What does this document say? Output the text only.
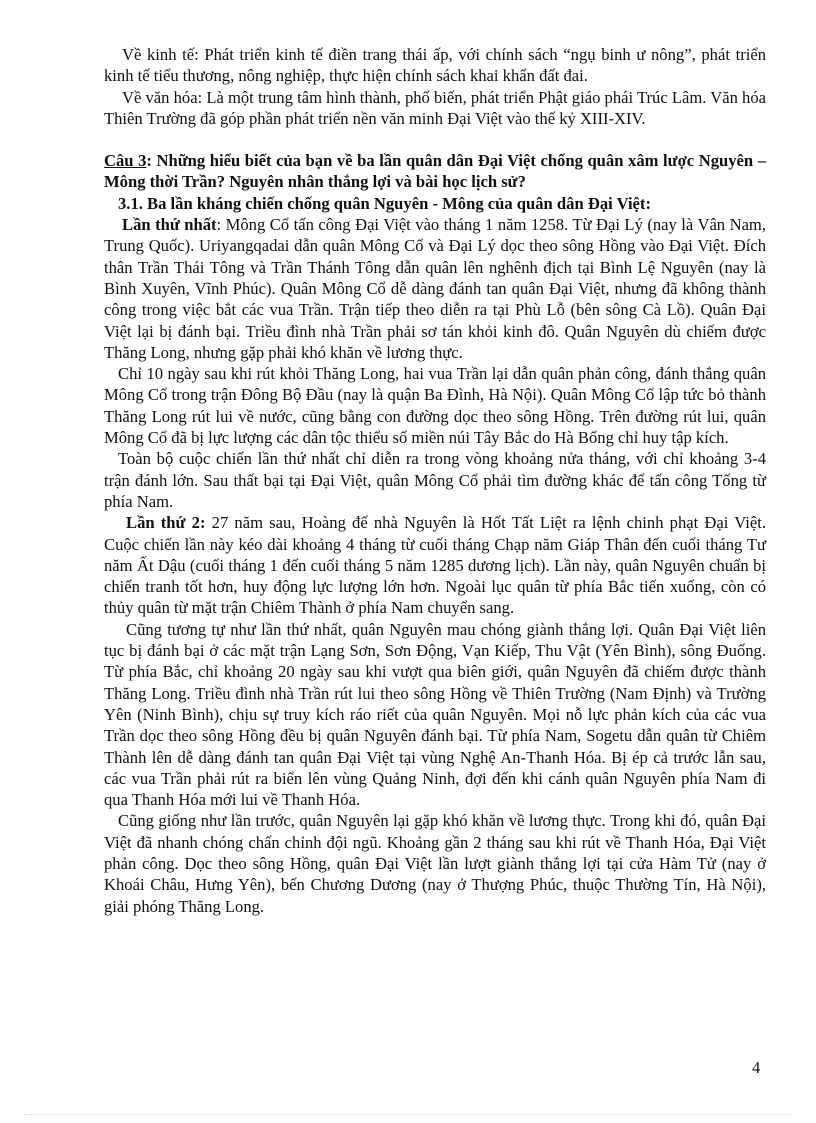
Về kinh tế: Phát triển kinh tế điền trang thái ấp, với chính sách “ngụ binh ư nông”, phát triển kinh tế tiểu thương, nông nghiệp, thực hiện chính sách khai khẩn đất đai.

Về văn hóa: Là một trung tâm hình thành, phổ biến, phát triển Phật giáo phái Trúc Lâm. Văn hóa Thiên Trường đã góp phần phát triển nền văn minh Đại Việt vào thế kỷ XIII-XIV.

Câu 3: Những hiểu biết của bạn về ba lần quân dân Đại Việt chống quân xâm lược Nguyên – Mông thời Trần? Nguyên nhân thắng lợi và bài học lịch sử?

3.1. Ba lần kháng chiến chống quân Nguyên - Mông của quân dân Đại Việt:

Lần thứ nhất: Mông Cổ tấn công Đại Việt vào tháng 1 năm 1258. Từ Đại Lý (nay là Vân Nam, Trung Quốc). Uriyangqadai dẫn quân Mông Cổ và Đại Lý dọc theo sông Hồng vào Đại Việt. Đích thân Trần Thái Tông và Trần Thánh Tông dẫn quân lên nghênh địch tại Bình Lệ Nguyên (nay là Bình Xuyên, Vĩnh Phúc). Quân Mông Cổ dễ dàng đánh tan quân Đại Việt, nhưng đã không thành công trong việc bắt các vua Trần. Trận tiếp theo diễn ra tại Phù Lỗ (bên sông Cà Lồ). Quân Đại Việt lại bị đánh bại. Triều đình nhà Trần phải sơ tán khỏi kinh đô. Quân Nguyên dù chiếm được Thăng Long, nhưng gặp phải khó khăn về lương thực.

Chỉ 10 ngày sau khi rút khỏi Thăng Long, hai vua Trần lại dẫn quân phản công, đánh thắng quân Mông Cổ trong trận Đông Bộ Đầu (nay là quận Ba Đình, Hà Nội). Quân Mông Cổ lập tức bỏ thành Thăng Long rút lui về nước, cũng bằng con đường dọc theo sông Hồng. Trên đường rút lui, quân Mông Cổ đã bị lực lượng các dân tộc thiểu số miền núi Tây Bắc do Hà Bổng chỉ huy tập kích.

Toàn bộ cuộc chiến lần thứ nhất chỉ diễn ra trong vòng khoảng nửa tháng, với chỉ khoảng 3-4 trận đánh lớn. Sau thất bại tại Đại Việt, quân Mông Cổ phải tìm đường khác để tấn công Tống từ phía Nam.

Lần thứ 2: 27 năm sau, Hoàng đế nhà Nguyên là Hốt Tất Liệt ra lệnh chinh phạt Đại Việt. Cuộc chiến lần này kéo dài khoảng 4 tháng từ cuối tháng Chạp năm Giáp Thân đến cuối tháng Tư năm Ất Dậu (cuối tháng 1 đến cuối tháng 5 năm 1285 dương lịch). Lần này, quân Nguyên chuẩn bị chiến tranh tốt hơn, huy động lực lượng lớn hơn. Ngoài lục quân từ phía Bắc tiến xuống, còn có thủy quân từ mặt trận Chiêm Thành ở phía Nam chuyển sang.

Cũng tương tự như lần thứ nhất, quân Nguyên mau chóng giành thắng lợi. Quân Đại Việt liên tục bị đánh bại ở các mặt trận Lạng Sơn, Sơn Động, Vạn Kiếp, Thu Vật (Yên Bình), sông Đuống. Từ phía Bắc, chỉ khoảng 20 ngày sau khi vượt qua biên giới, quân Nguyên đã chiếm được thành Thăng Long. Triều đình nhà Trần rút lui theo sông Hồng về Thiên Trường (Nam Định) và Trường Yên (Ninh Bình), chịu sự truy kích ráo riết của quân Nguyên. Mọi nỗ lực phản kích của các vua Trần dọc theo sông Hồng đều bị quân Nguyên đánh bại. Từ phía Nam, Sogetu dẫn quân từ Chiêm Thành lên dễ dàng đánh tan quân Đại Việt tại vùng Nghệ An-Thanh Hóa. Bị ép cả trước lẫn sau, các vua Trần phải rút ra biển lên vùng Quảng Ninh, đợi đến khi cánh quân Nguyên phía Nam đi qua Thanh Hóa mới lui về Thanh Hóa.

Cũng giống như lần trước, quân Nguyên lại gặp khó khăn về lương thực. Trong khi đó, quân Đại Việt đã nhanh chóng chấn chỉnh đội ngũ. Khoảng gần 2 tháng sau khi rút về Thanh Hóa, Đại Việt phản công. Dọc theo sông Hồng, quân Đại Việt lần lượt giành thắng lợi tại cửa Hàm Tử (nay ở Khoái Châu, Hưng Yên), bến Chương Dương (nay ở Thượng Phúc, thuộc Thường Tín, Hà Nội), giải phóng Thăng Long.

4
